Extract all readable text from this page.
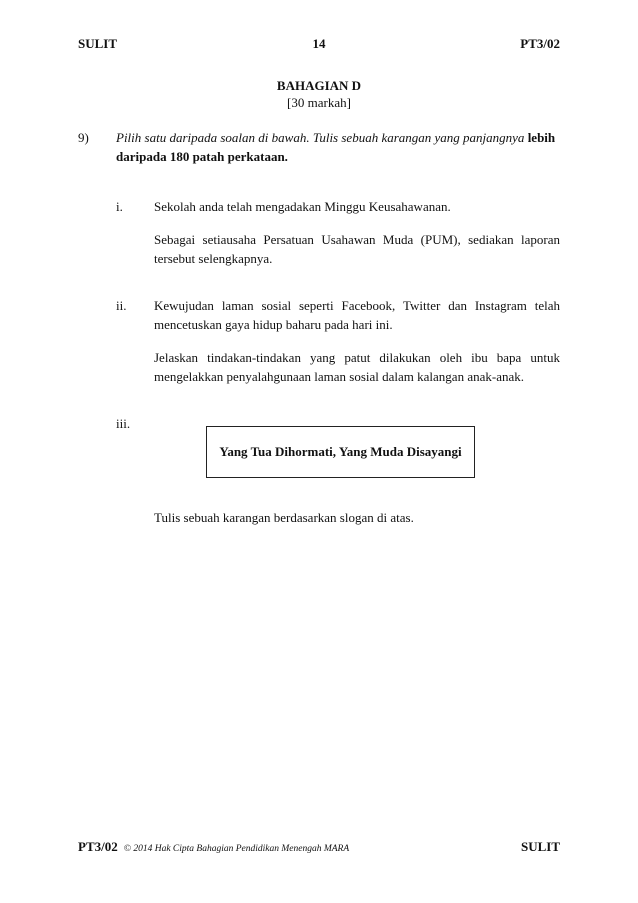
SULIT	14	PT3/02
BAHAGIAN D
[30 markah]
9) Pilih satu daripada soalan di bawah. Tulis sebuah karangan yang panjangnya lebih
daripada 180 patah perkataan.
i. Sekolah anda telah mengadakan Minggu Keusahawanan.
Sebagai setiausaha Persatuan Usahawan Muda (PUM), sediakan laporan
tersebut selengkapnya.
ii. Kewujudan laman sosial seperti Facebook, Twitter dan Instagram telah
mencetuskan gaya hidup baharu pada hari ini.
Jelaskan tindakan-tindakan yang patut dilakukan oleh ibu bapa untuk
mengelakkan penyalahgunaan laman sosial dalam kalangan anak-anak.
iii.
Yang Tua Dihormati, Yang Muda Disayangi
Tulis sebuah karangan berdasarkan slogan di atas.
PT3/02 © 2014 Hak Cipta Bahagian Pendidikan Menengah MARA	SULIT
